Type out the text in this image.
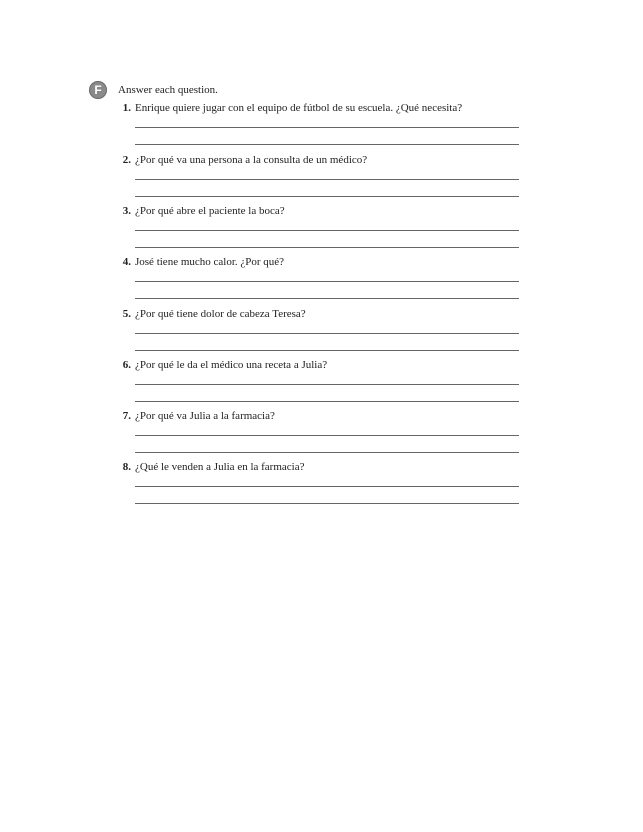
F	Answer each question.
1. Enrique quiere jugar con el equipo de fútbol de su escuela. ¿Qué necesita?
2. ¿Por qué va una persona a la consulta de un médico?
3. ¿Por qué abre el paciente la boca?
4. José tiene mucho calor. ¿Por qué?
5. ¿Por qué tiene dolor de cabeza Teresa?
6. ¿Por qué le da el médico una receta a Julia?
7. ¿Por qué va Julia a la farmacia?
8. ¿Qué le venden a Julia en la farmacia?
